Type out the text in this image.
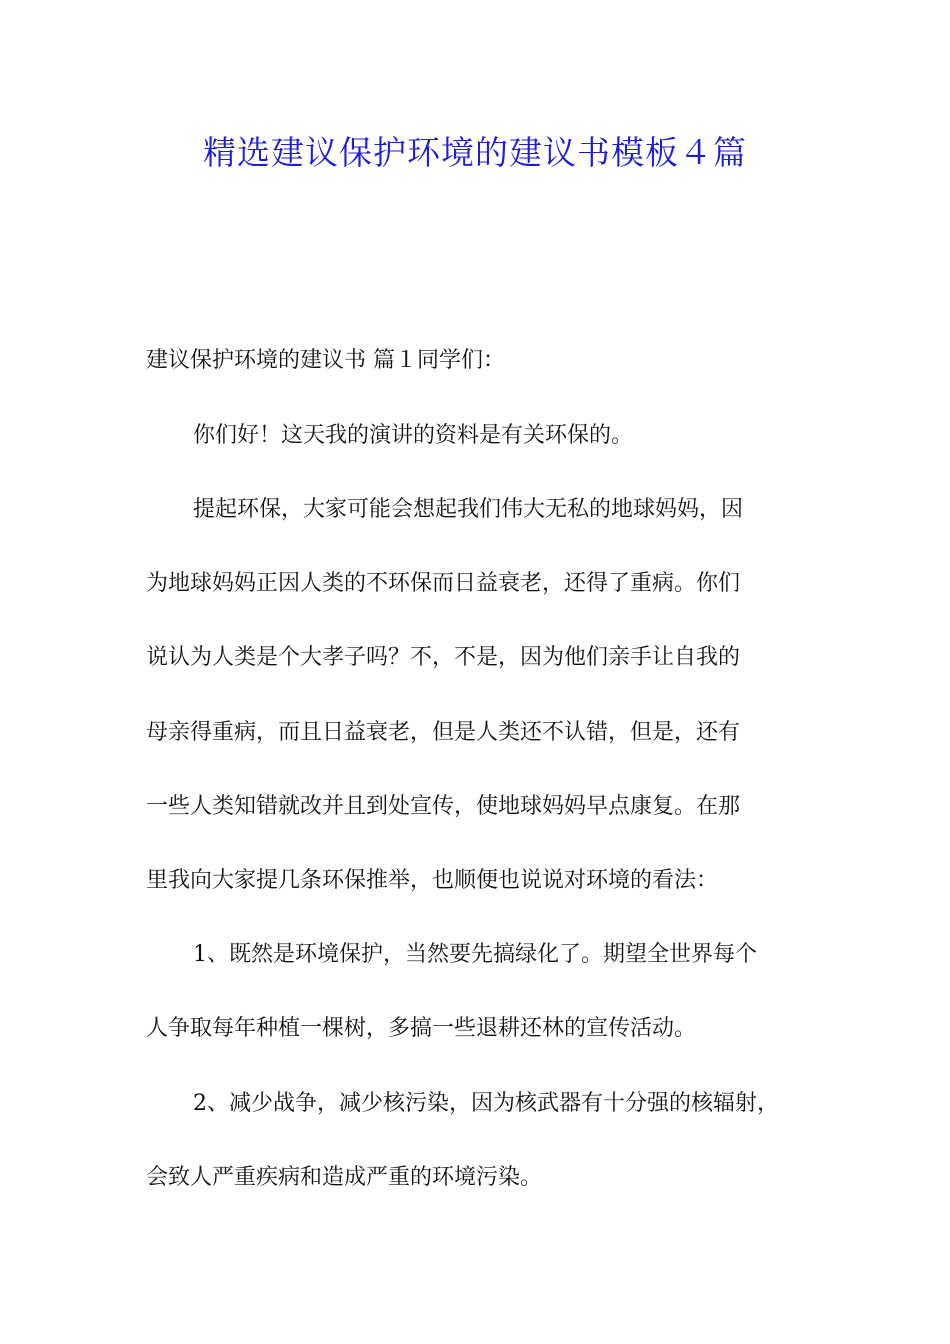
精选建议保护环境的建议书模板４篇

建议保护环境的建议书 篇１同学们：

你们好！这天我的演讲的资料是有关环保的。

提起环保，大家可能会想起我们伟大无私的地球妈妈，因

为地球妈妈正因人类的不环保而日益衰老，还得了重病。你们

说认为人类是个大孝子吗？不，不是，因为他们亲手让自我的

母亲得重病，而且日益衰老，但是人类还不认错，但是，还有

一些人类知错就改并且到处宣传，使地球妈妈早点康复。在那

里我向大家提几条环保推举，也顺便也说说对环境的看法：

1、既然是环境保护，当然要先搞绿化了。期望全世界每个

人争取每年种植一棵树，多搞一些退耕还林的宣传活动。

2、减少战争，减少核污染，因为核武器有十分强的核辐射，

会致人严重疾病和造成严重的环境污染。
